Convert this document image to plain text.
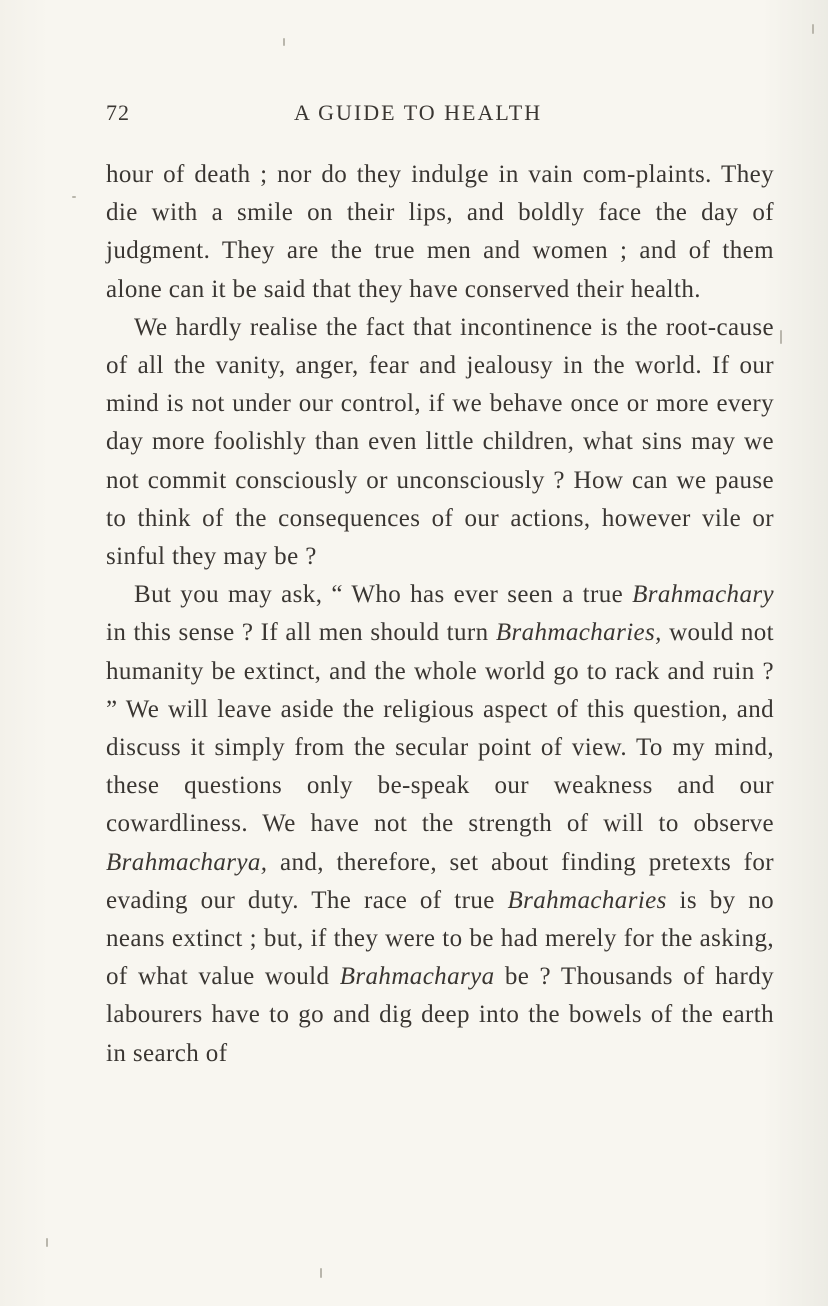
72	A GUIDE TO HEALTH

hour of death ; nor do they indulge in vain com-plaints. They die with a smile on their lips, and boldly face the day of judgment. They are the true men and women ; and of them alone can it be said that they have conserved their health.

We hardly realise the fact that incontinence is the root-cause of all the vanity, anger, fear and jealousy in the world. If our mind is not under our control, if we behave once or more every day more foolishly than even little children, what sins may we not commit consciously or unconsciously ? How can we pause to think of the consequences of our actions, however vile or sinful they may be ?

But you may ask, “ Who has ever seen a true Brahmachary in this sense ? If all men should turn Brahmacharies, would not humanity be extinct, and the whole world go to rack and ruin ? ” We will leave aside the religious aspect of this question, and discuss it simply from the secular point of view. To my mind, these questions only be-speak our weakness and our cowardliness. We have not the strength of will to observe Brahmacharya, and, therefore, set about finding pretexts for evading our duty. The race of true Brahmacharies is by no neans extinct ; but, if they were to be had merely for the asking, of what value would Brahmacharya be ? Thousands of hardy labourers have to go and dig deep into the bowels of the earth in search of
